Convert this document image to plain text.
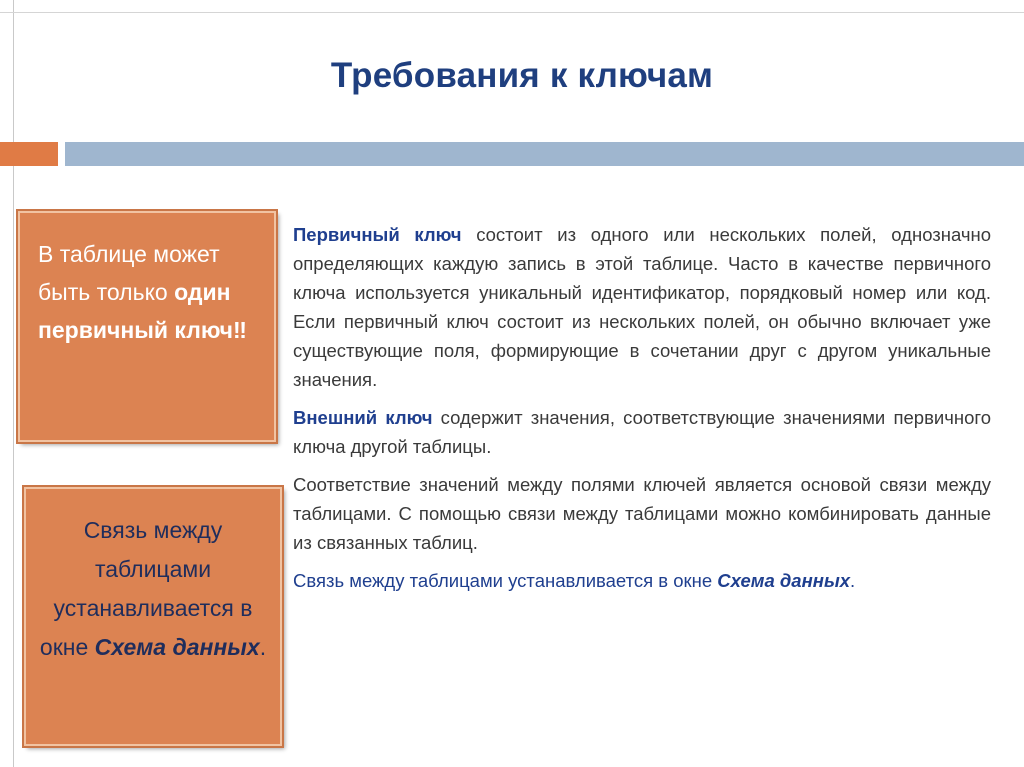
Требования к ключам
В таблице может быть только один первичный ключ‼
Связь между таблицами устанавливается в окне Схема данных.

Первичный ключ состоит из одного или нескольких полей, однозначно определяющих каждую запись в этой таблице. Часто в качестве первичного ключа используется уникальный идентификатор, порядковый номер или код. Если первичный ключ состоит из нескольких полей, он обычно включает уже существующие поля, формирующие в сочетании друг с другом уникальные значения.

Внешний ключ содержит значения, соответствующие значениями первичного ключа другой таблицы.

Соответствие значений между полями ключей является основой связи между таблицами. С помощью связи между таблицами можно комбинировать данные из связанных таблиц.

Связь между таблицами устанавливается в окне Схема данных.
